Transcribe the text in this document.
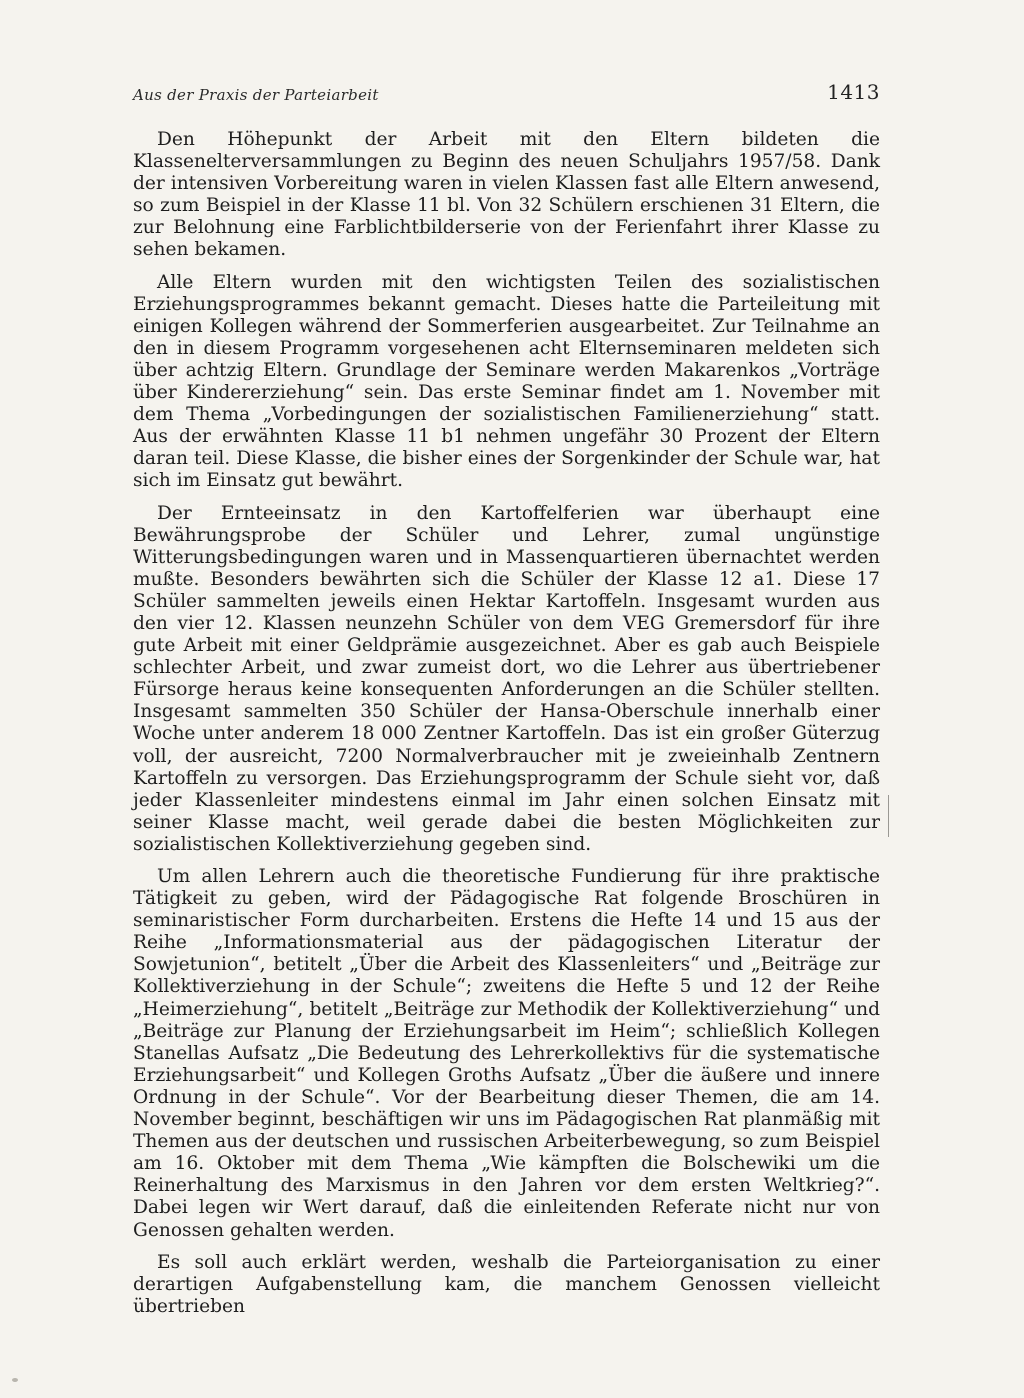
Aus der Praxis der Parteiarbeit	1413

Den Höhepunkt der Arbeit mit den Eltern bildeten die Klassenelterversammlungen zu Beginn des neuen Schuljahrs 1957/58. Dank der intensiven Vorbereitung waren in vielen Klassen fast alle Eltern anwesend, so zum Beispiel in der Klasse 11 bl. Von 32 Schülern erschienen 31 Eltern, die zur Belohnung eine Farblichtbilderserie von der Ferienfahrt ihrer Klasse zu sehen bekamen.

Alle Eltern wurden mit den wichtigsten Teilen des sozialistischen Erziehungsprogrammes bekannt gemacht. Dieses hatte die Parteileitung mit einigen Kollegen während der Sommerferien ausgearbeitet. Zur Teilnahme an den in diesem Programm vorgesehenen acht Elternseminaren meldeten sich über achtzig Eltern. Grundlage der Seminare werden Makarenkos „Vorträge über Kindererziehung“ sein. Das erste Seminar findet am 1. November mit dem Thema „Vorbedingungen der sozialistischen Familienerziehung“ statt. Aus der erwähnten Klasse 11 b1 nehmen ungefähr 30 Prozent der Eltern daran teil. Diese Klasse, die bisher eines der Sorgenkinder der Schule war, hat sich im Einsatz gut bewährt.

Der Ernteeinsatz in den Kartoffelferien war überhaupt eine Bewährungsprobe der Schüler und Lehrer, zumal ungünstige Witterungsbedingungen waren und in Massenquartieren übernachtet werden mußte. Besonders bewährten sich die Schüler der Klasse 12 a1. Diese 17 Schüler sammelten jeweils einen Hektar Kartoffeln. Insgesamt wurden aus den vier 12. Klassen neunzehn Schüler von dem VEG Gremersdorf für ihre gute Arbeit mit einer Geldprämie ausgezeichnet. Aber es gab auch Beispiele schlechter Arbeit, und zwar zumeist dort, wo die Lehrer aus übertriebener Fürsorge heraus keine konsequenten Anforderungen an die Schüler stellten. Insgesamt sammelten 350 Schüler der Hansa-Oberschule innerhalb einer Woche unter anderem 18 000 Zentner Kartoffeln. Das ist ein großer Güterzug voll, der ausreicht, 7200 Normalverbraucher mit je zweieinhalb Zentnern Kartoffeln zu versorgen. Das Erziehungsprogramm der Schule sieht vor, daß jeder Klassenleiter mindestens einmal im Jahr einen solchen Einsatz mit seiner Klasse macht, weil gerade dabei die besten Möglichkeiten zur sozialistischen Kollektiverziehung gegeben sind.

Um allen Lehrern auch die theoretische Fundierung für ihre praktische Tätigkeit zu geben, wird der Pädagogische Rat folgende Broschüren in seminaristischer Form durcharbeiten. Erstens die Hefte 14 und 15 aus der Reihe „Informationsmaterial aus der pädagogischen Literatur der Sowjetunion“, betitelt „Über die Arbeit des Klassenleiters“ und „Beiträge zur Kollektiverziehung in der Schule“; zweitens die Hefte 5 und 12 der Reihe „Heimerziehung“, betitelt „Beiträge zur Methodik der Kollektiverziehung“ und „Beiträge zur Planung der Erziehungsarbeit im Heim“; schließlich Kollegen Stanellas Aufsatz „Die Bedeutung des Lehrerkollektivs für die systematische Erziehungsarbeit“ und Kollegen Groths Aufsatz „Über die äußere und innere Ordnung in der Schule“. Vor der Bearbeitung dieser Themen, die am 14. November beginnt, beschäftigen wir uns im Pädagogischen Rat planmäßig mit Themen aus der deutschen und russischen Arbeiterbewegung, so zum Beispiel am 16. Oktober mit dem Thema „Wie kämpften die Bolschewiki um die Reinerhaltung des Marxismus in den Jahren vor dem ersten Weltkrieg?“. Dabei legen wir Wert darauf, daß die einleitenden Referate nicht nur von Genossen gehalten werden.

Es soll auch erklärt werden, weshalb die Parteiorganisation zu einer derartigen Aufgabenstellung kam, die manchem Genossen vielleicht übertrieben
